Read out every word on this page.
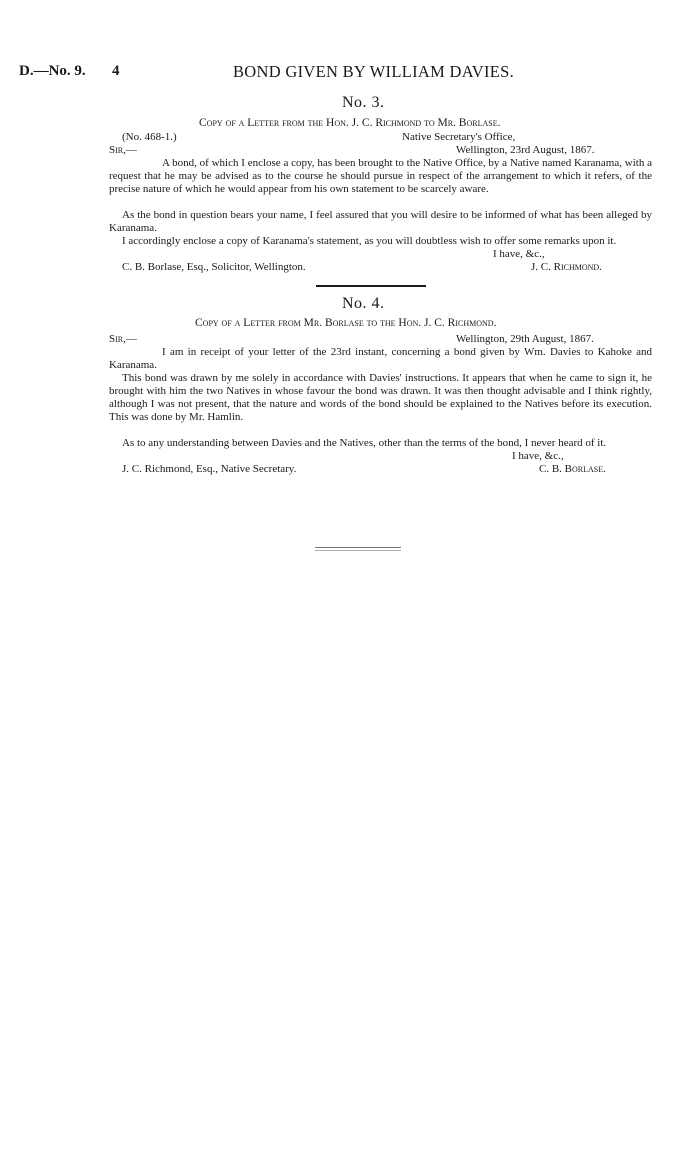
D.—No. 9. 4	BOND GIVEN BY WILLIAM DAVIES.
No. 3.
Copy of a Letter from the Hon. J. C. Richmond to Mr. Borlase.
(No. 468-1.)	Native Secretary's Office,
Sir,—	Wellington, 23rd August, 1867.
A bond, of which I enclose a copy, has been brought to the Native Office, by a Native named Karanama, with a request that he may be advised as to the course he should pursue in respect of the arrangement to which it refers, of the precise nature of which he would appear from his own statement to be scarcely aware.
As the bond in question bears your name, I feel assured that you will desire to be informed of what has been alleged by Karanama.
I accordingly enclose a copy of Karanama's statement, as you will doubtless wish to offer some remarks upon it.
I have, &c.,
C. B. Borlase, Esq., Solicitor, Wellington.	J. C. Richmond.
No. 4.
Copy of a Letter from Mr. Borlase to the Hon. J. C. Richmond.
Sir,—	Wellington, 29th August, 1867.
I am in receipt of your letter of the 23rd instant, concerning a bond given by Wm. Davies to Kahoke and Karanama.
This bond was drawn by me solely in accordance with Davies' instructions. It appears that when he came to sign it, he brought with him the two Natives in whose favour the bond was drawn. It was then thought advisable and I think rightly, although I was not present, that the nature and words of the bond should be explained to the Natives before its execution. This was done by Mr. Hamlin.
As to any understanding between Davies and the Natives, other than the terms of the bond, I never heard of it.
I have, &c.,
J. C. Richmond, Esq., Native Secretary.	C. B. Borlase.
